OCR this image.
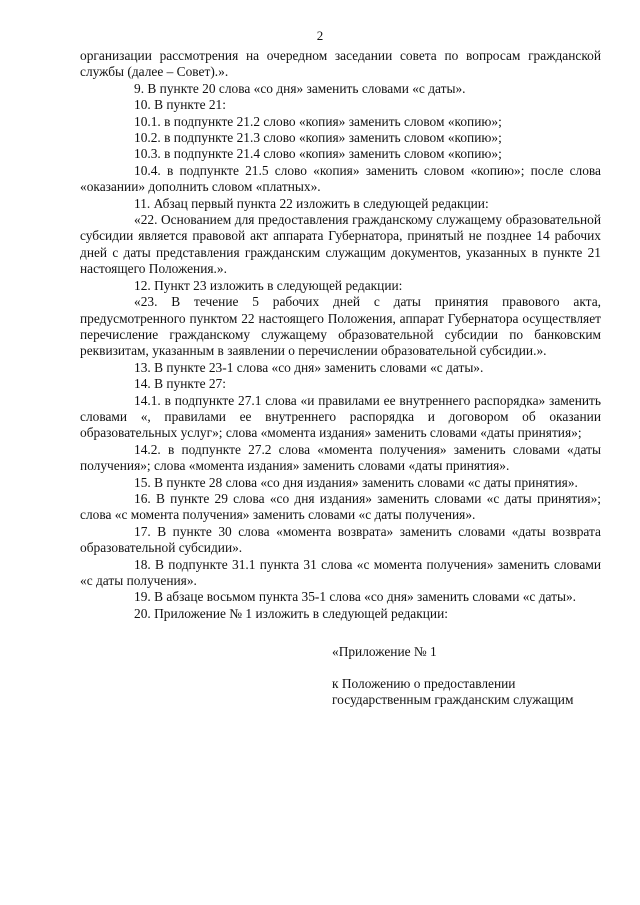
2

организации рассмотрения на очередном заседании совета по вопросам гражданской службы (далее – Совет).».

9. В пункте 20 слова «со дня» заменить словами «с даты».

10. В пункте 21:

10.1. в подпункте 21.2 слово «копия» заменить словом «копию»;

10.2. в подпункте 21.3 слово «копия» заменить словом «копию»;

10.3. в подпункте 21.4 слово «копия» заменить словом «копию»;

10.4. в подпункте 21.5 слово «копия» заменить словом «копию»; после слова «оказании» дополнить словом «платных».

11. Абзац первый пункта 22 изложить в следующей редакции:

«22. Основанием для предоставления гражданскому служащему образовательной субсидии является правовой акт аппарата Губернатора, принятый не позднее 14 рабочих дней с даты представления гражданским служащим документов, указанных в пункте 21 настоящего Положения.».

12. Пункт 23 изложить в следующей редакции:

«23. В течение 5 рабочих дней с даты принятия правового акта, предусмотренного пунктом 22 настоящего Положения, аппарат Губернатора осуществляет перечисление гражданскому служащему образовательной субсидии по банковским реквизитам, указанным в заявлении о перечислении образовательной субсидии.».

13. В пункте 23-1 слова «со дня» заменить словами «с даты».

14. В пункте 27:

14.1. в подпункте 27.1 слова «и правилами ее внутреннего распорядка» заменить словами «, правилами ее внутреннего распорядка и договором об оказании образовательных услуг»; слова «момента издания» заменить словами «даты принятия»;

14.2. в подпункте 27.2 слова «момента получения» заменить словами «даты получения»; слова «момента издания» заменить словами «даты принятия».

15. В пункте 28 слова «со дня издания» заменить словами «с даты принятия».

16. В пункте 29 слова «со дня издания» заменить словами «с даты принятия»; слова «с момента получения» заменить словами «с даты получения».

17. В пункте 30 слова «момента возврата» заменить словами «даты возврата образовательной субсидии».

18. В подпункте 31.1 пункта 31 слова «с момента получения» заменить словами «с даты получения».

19. В абзаце восьмом пункта 35-1 слова «со дня» заменить словами «с даты».

20. Приложение № 1 изложить в следующей редакции:

«Приложение № 1

к Положению о предоставлении

государственным гражданским служащим
